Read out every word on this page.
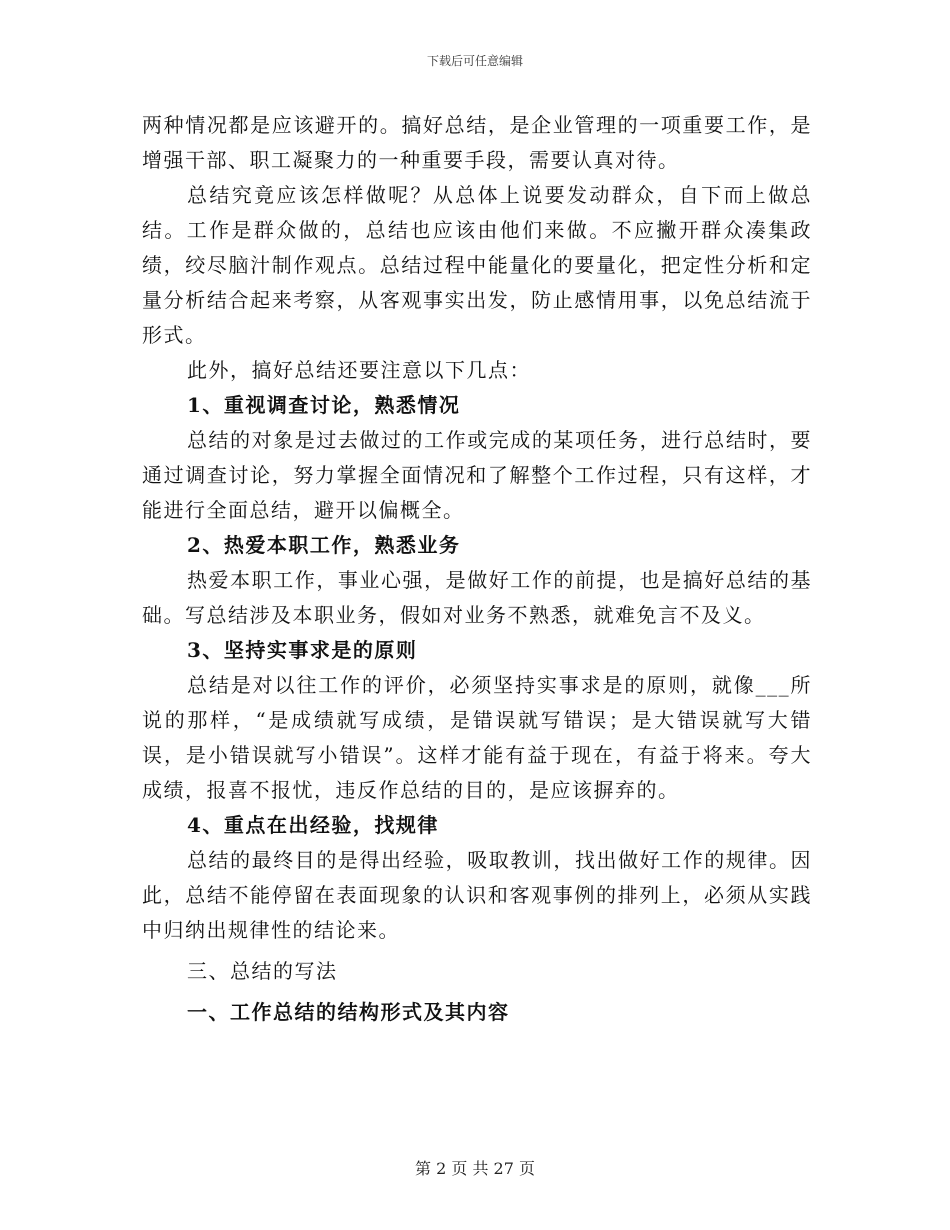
下载后可任意编辑

两种情况都是应该避开的。搞好总结，是企业管理的一项重要工作，是增强干部、职工凝聚力的一种重要手段，需要认真对待。

总结究竟应该怎样做呢？从总体上说要发动群众，自下而上做总结。工作是群众做的，总结也应该由他们来做。不应撇开群众凑集政绩，绞尽脑汁制作观点。总结过程中能量化的要量化，把定性分析和定量分析结合起来考察，从客观事实出发，防止感情用事，以免总结流于形式。

此外，搞好总结还要注意以下几点：

1、重视调查讨论，熟悉情况

总结的对象是过去做过的工作或完成的某项任务，进行总结时，要通过调查讨论，努力掌握全面情况和了解整个工作过程，只有这样，才能进行全面总结，避开以偏概全。

2、热爱本职工作，熟悉业务

热爱本职工作，事业心强，是做好工作的前提，也是搞好总结的基础。写总结涉及本职业务，假如对业务不熟悉，就难免言不及义。

3、坚持实事求是的原则

总结是对以往工作的评价，必须坚持实事求是的原则，就像___所说的那样，“是成绩就写成绩，是错误就写错误；是大错误就写大错误，是小错误就写小错误”。这样才能有益于现在，有益于将来。夸大成绩，报喜不报忧，违反作总结的目的，是应该摒弃的。

4、重点在出经验，找规律

总结的最终目的是得出经验，吸取教训，找出做好工作的规律。因此，总结不能停留在表面现象的认识和客观事例的排列上，必须从实践中归纳出规律性的结论来。

三、总结的写法

一、工作总结的结构形式及其内容

第 2 页 共 27 页
